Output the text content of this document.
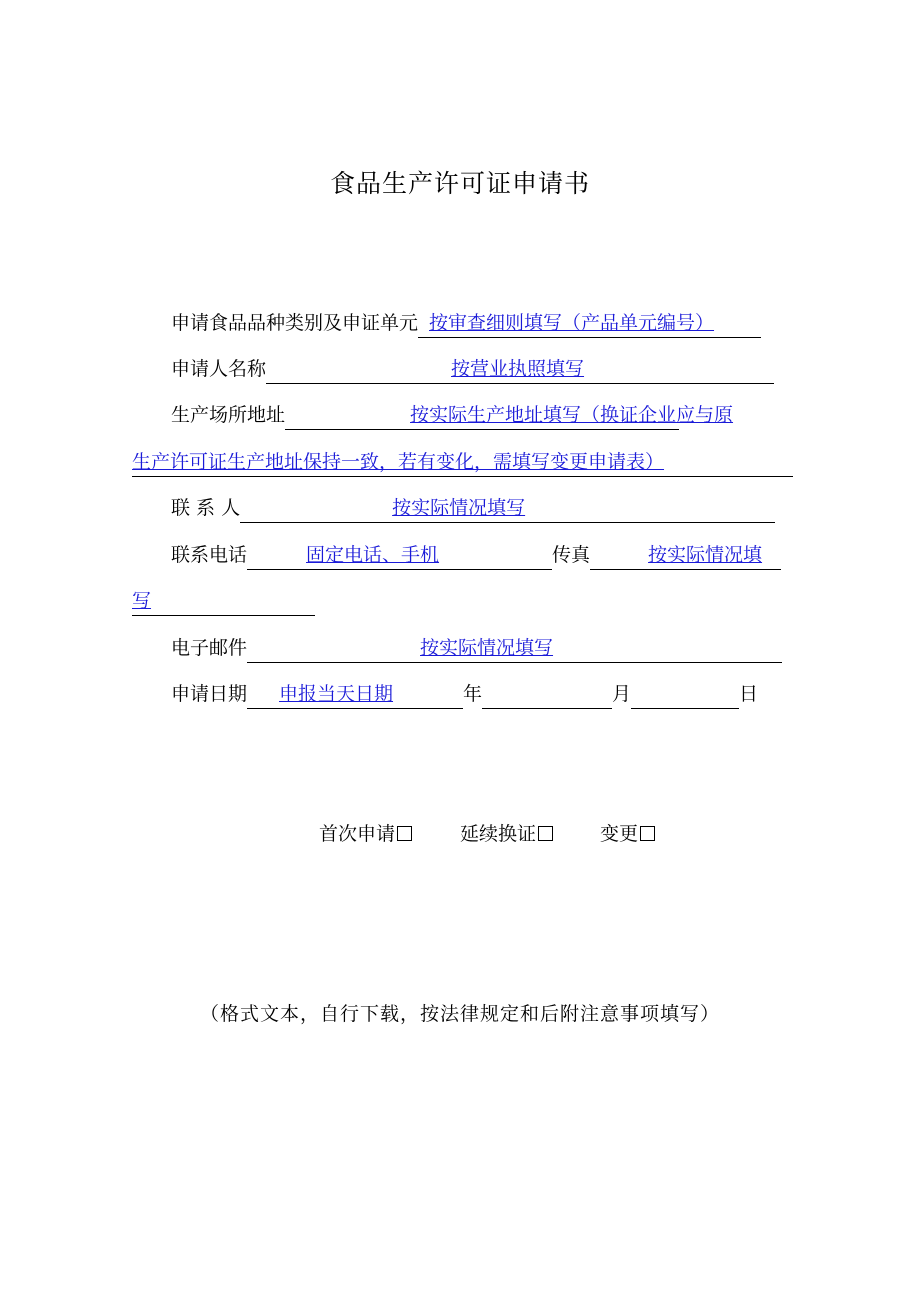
食品生产许可证申请书
申请食品品种类别及申证单元 按审查细则填写（产品单元编号）
申请人名称	按营业执照填写
生产场所地址	按实际生产地址填写（换证企业应与原
生产许可证生产地址保持一致，若有变化，需填写变更申请表）
联 系 人	按实际情况填写
联系电话	固定电话、手机	传真	按实际情况填
写
电子邮件	按实际情况填写
申请日期 申报当天日期	年	月	日
首次申请	延续换证	变更
（格式文本，自行下载，按法律规定和后附注意事项填写）
